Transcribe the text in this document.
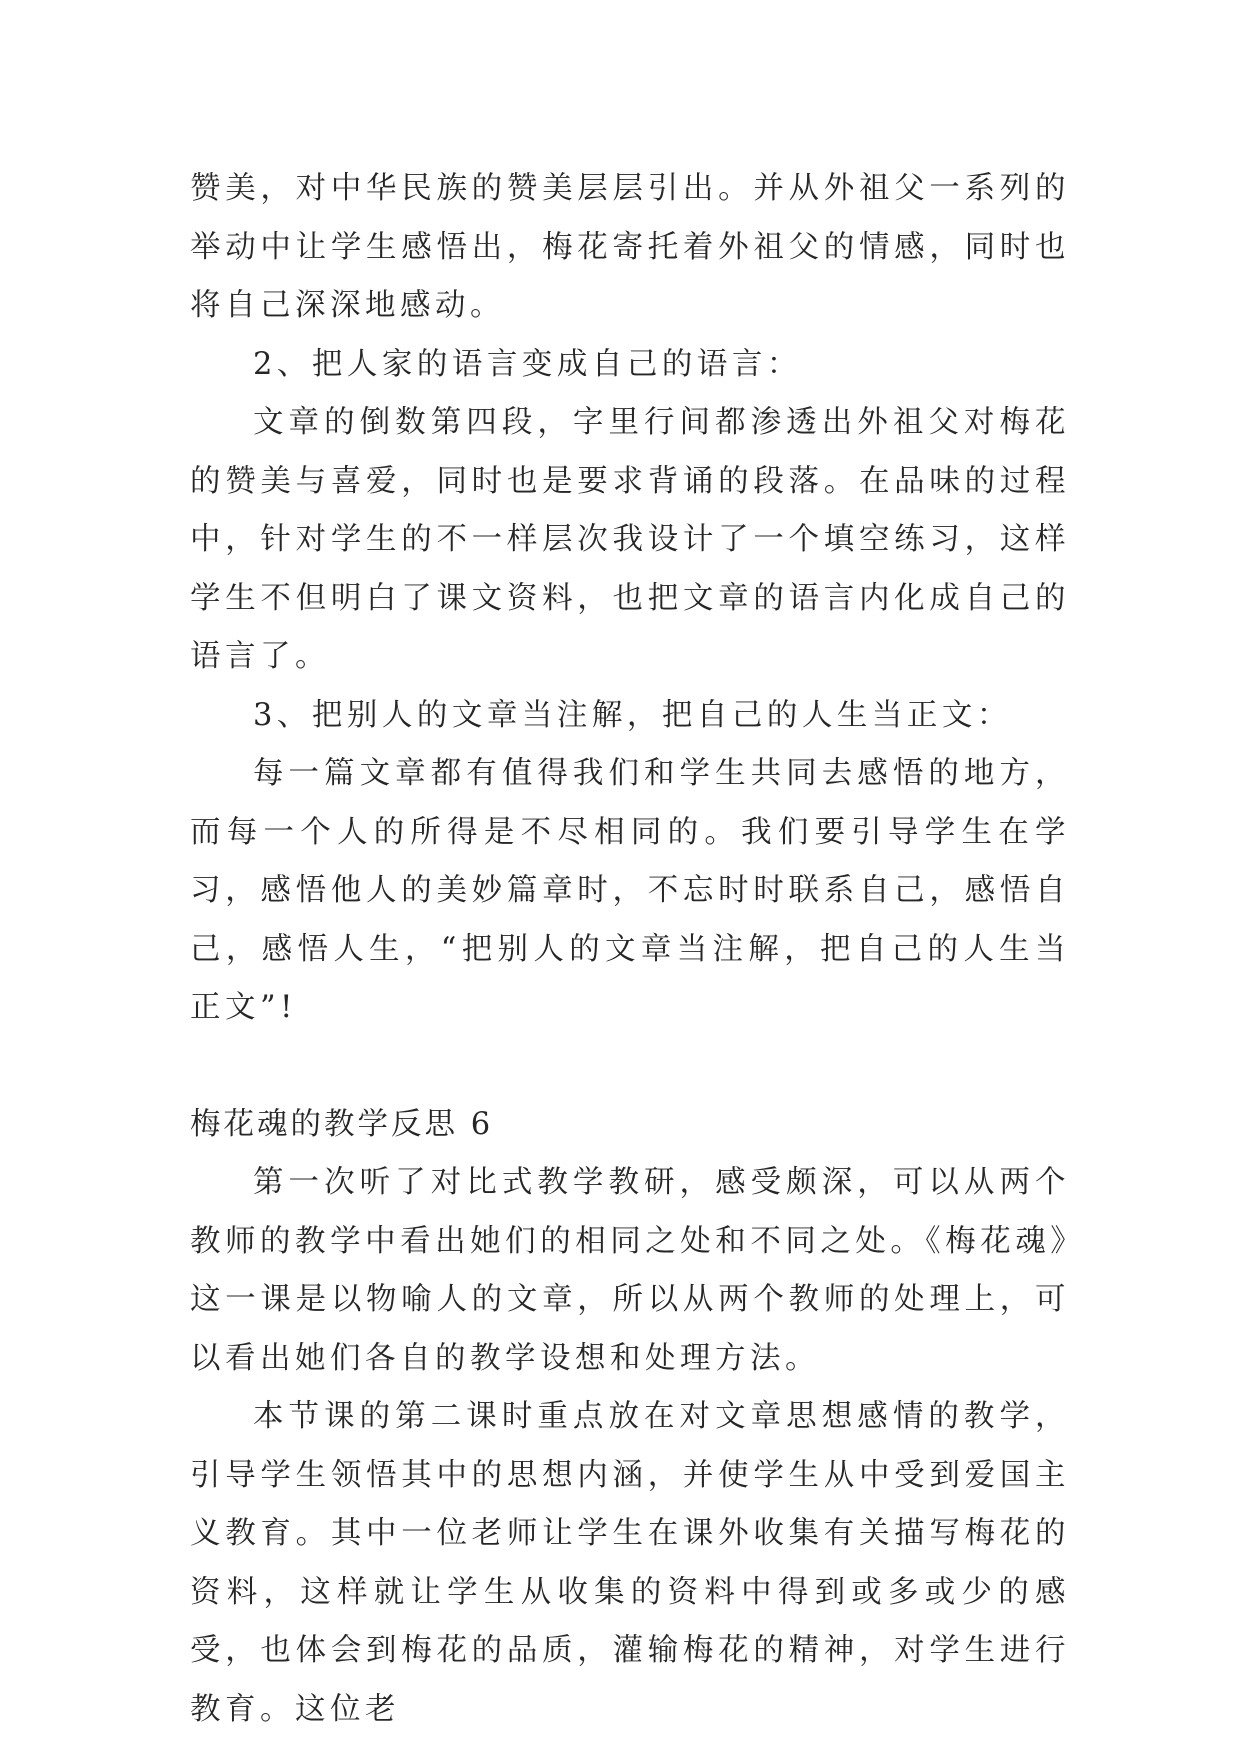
赞美，对中华民族的赞美层层引出。并从外祖父一系列的举动中让学生感悟出，梅花寄托着外祖父的情感，同时也将自己深深地感动。

2、把人家的语言变成自己的语言：

文章的倒数第四段，字里行间都渗透出外祖父对梅花的赞美与喜爱，同时也是要求背诵的段落。在品味的过程中，针对学生的不一样层次我设计了一个填空练习，这样学生不但明白了课文资料，也把文章的语言内化成自己的语言了。

3、把别人的文章当注解，把自己的人生当正文：

每一篇文章都有值得我们和学生共同去感悟的地方，而每一个人的所得是不尽相同的。我们要引导学生在学习，感悟他人的美妙篇章时，不忘时时联系自己，感悟自己，感悟人生，“把别人的文章当注解，把自己的人生当正文”!

梅花魂的教学反思 6

第一次听了对比式教学教研，感受颇深，可以从两个教师的教学中看出她们的相同之处和不同之处。《梅花魂》这一课是以物喻人的文章，所以从两个教师的处理上，可以看出她们各自的教学设想和处理方法。

本节课的第二课时重点放在对文章思想感情的教学，引导学生领悟其中的思想内涵，并使学生从中受到爱国主义教育。其中一位老师让学生在课外收集有关描写梅花的资料，这样就让学生从收集的资料中得到或多或少的感受，也体会到梅花的品质，灌输梅花的精神，对学生进行教育。这位老
